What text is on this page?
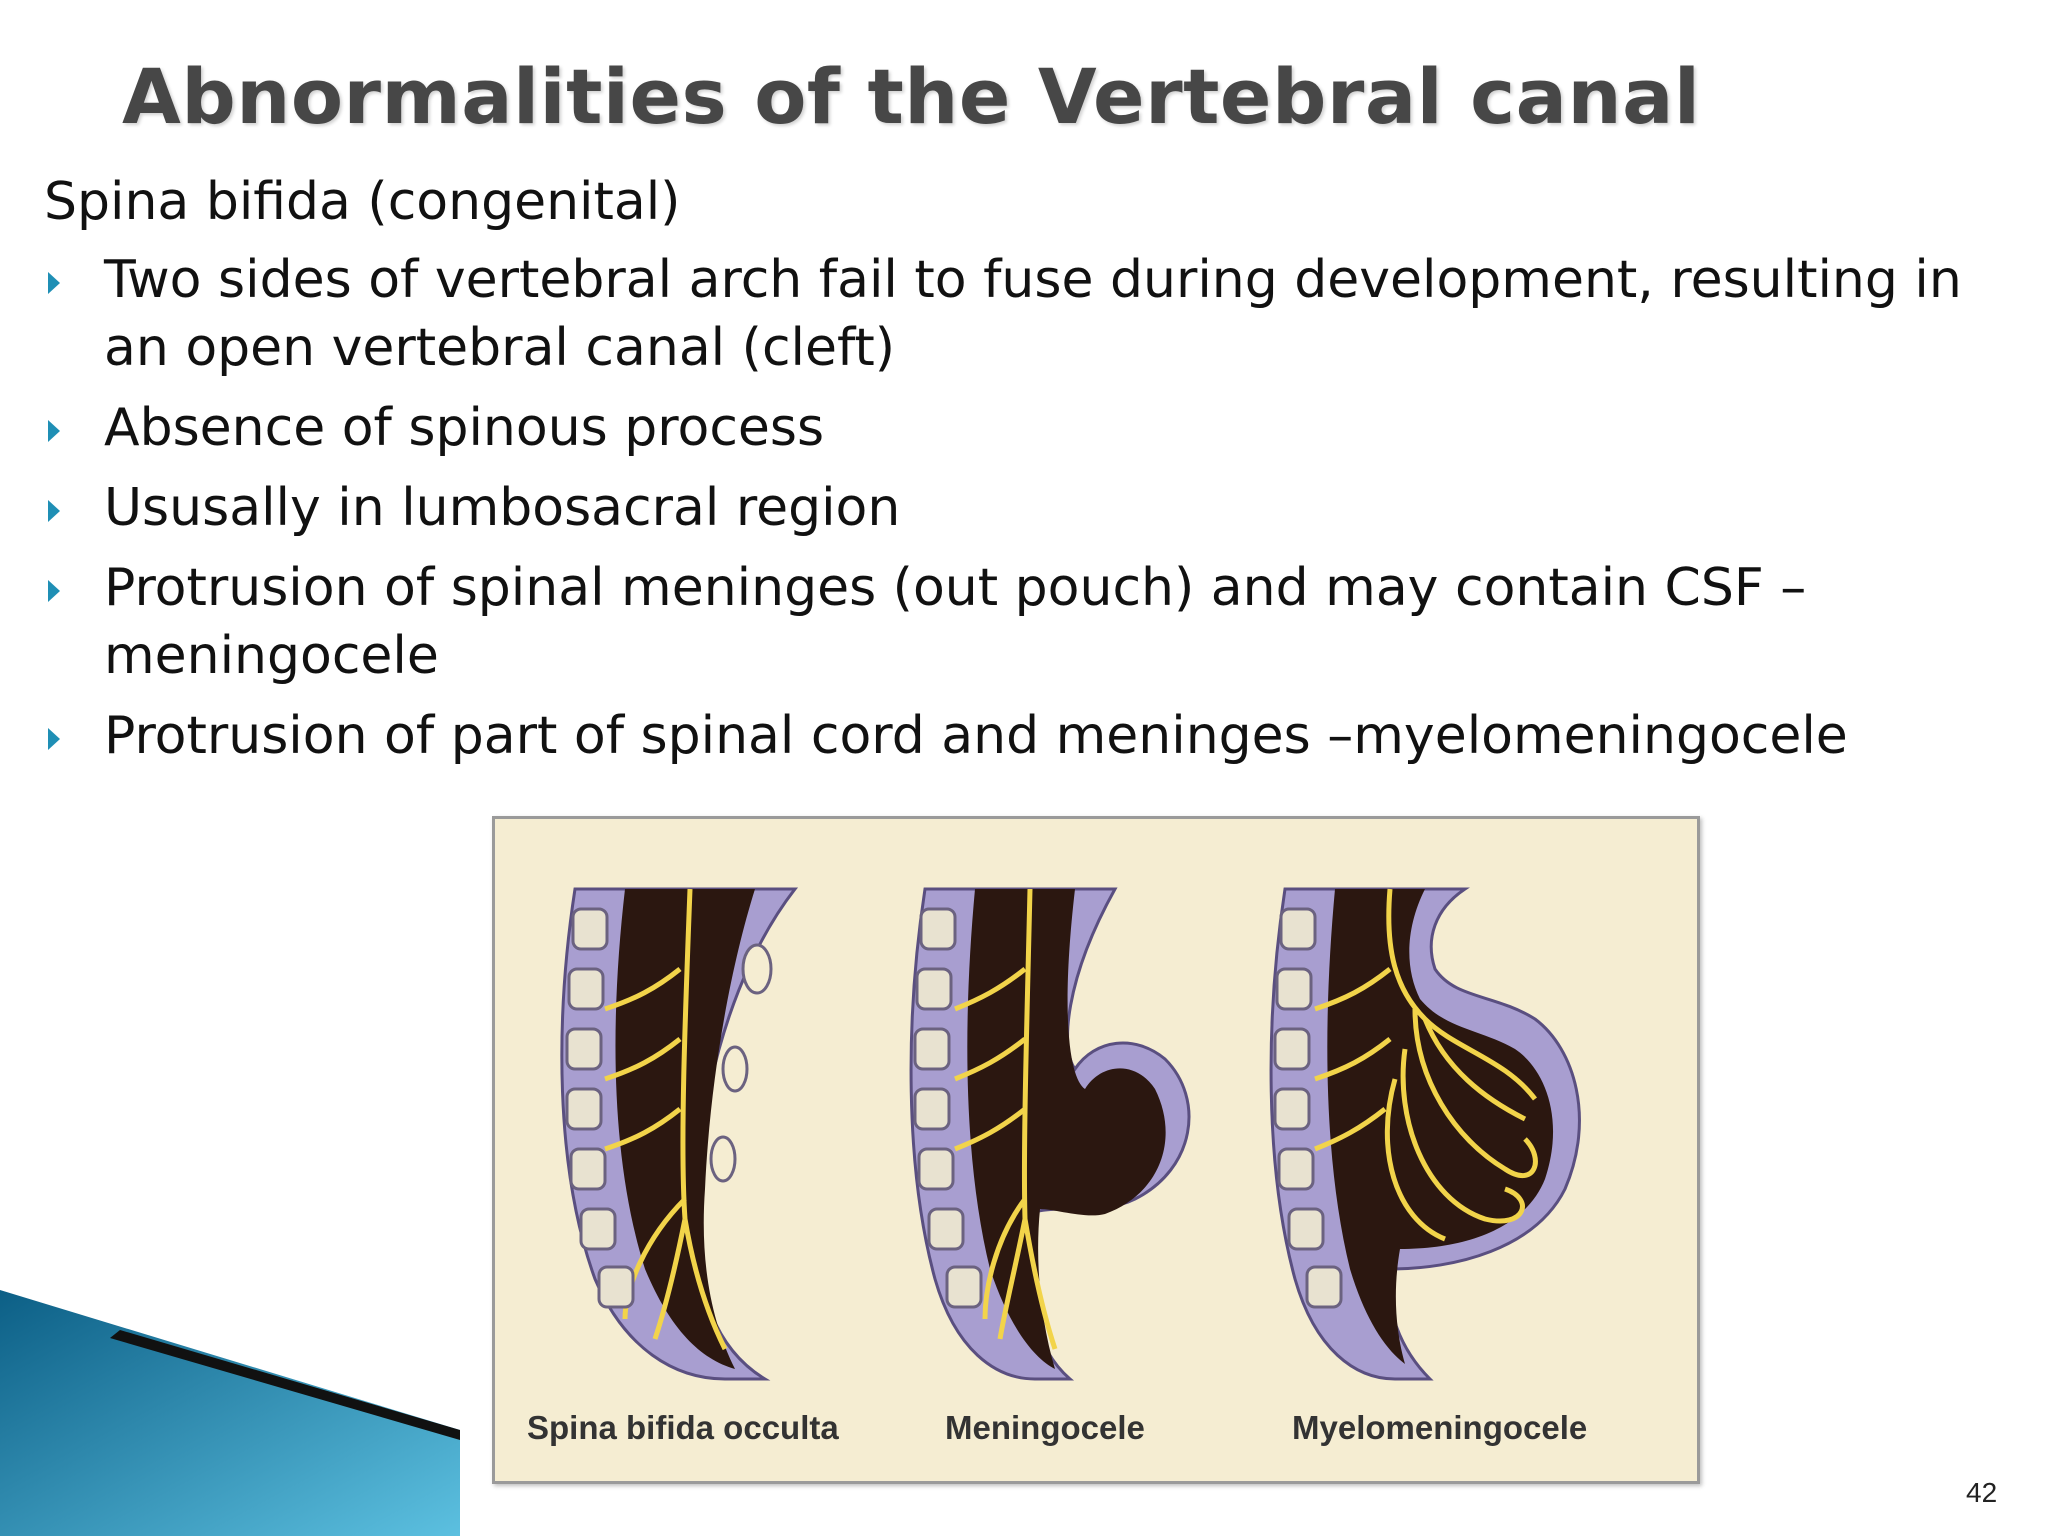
Abnormalities of the Vertebral canal
Spina bifida (congenital)
Two sides of vertebral arch fail to fuse during development, resulting in an open vertebral canal (cleft)
Absence of spinous process
Ususally in lumbosacral region
Protrusion of spinal meninges (out pouch) and may contain CSF – meningocele
Protrusion of part of spinal cord and meninges –myelomeningocele
Spina bifida occulta	Meningocele	Myelomeningocele
42
